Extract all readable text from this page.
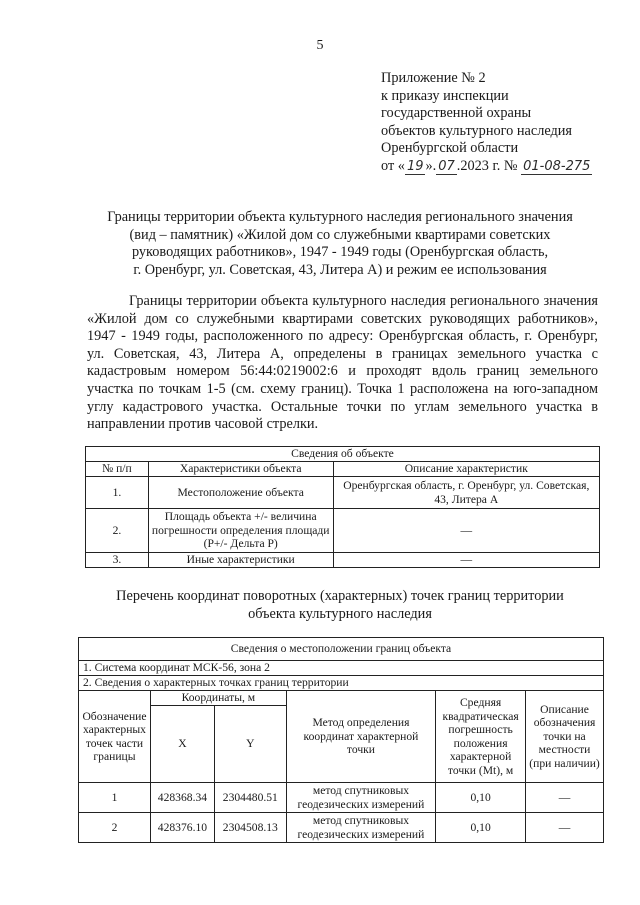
5
Приложение № 2
к приказу инспекции
государственной охраны
объектов культурного наследия
Оренбургской области
от « 19 ». 07 .2023 г. № 01-08-275
Границы территории объекта культурного наследия регионального значения
(вид – памятник) «Жилой дом со служебными квартирами советских
руководящих работников», 1947 - 1949 годы (Оренбургская область,
г. Оренбург, ул. Советская, 43, Литера А) и режим ее использования
Границы территории объекта культурного наследия регионального значения «Жилой дом со служебными квартирами советских руководящих работников», 1947 - 1949 годы, расположенного по адресу: Оренбургская область, г. Оренбург, ул. Советская, 43, Литера А, определены в границах земельного участка с кадастровым номером 56:44:0219002:6 и проходят вдоль границ земельного участка по точкам 1-5 (см. схему границ). Точка 1 расположена на юго-западном углу кадастрового участка. Остальные точки по углам земельного участка в направлении против часовой стрелки.
Сведения об объекте		
№ п/п	Характеристики объекта	Описание характеристик
1.	Местоположение объекта	Оренбургская область, г. Оренбург, ул. Советская, 43, Литера А
2.	Площадь объекта +/- величина погрешности определения площади (P+/- Дельта P)	—
3.	Иные характеристики	—
Перечень координат поворотных (характерных) точек границ территории
объекта культурного наследия
Сведения о местоположении границ объекта					
1. Система координат МСК-56, зона 2					
2. Сведения о характерных точках границ территории					
Обозначение характерных точек части границы	Координаты, м		Метод определения координат характерной точки	Средняя квадратическая погрешность положения характерной точки (Mt), м	Описание обозначения точки на местности (при наличии)
	X	Y			
1	428368.34	2304480.51	метод спутниковых геодезических измерений	0,10	—
2	428376.10	2304508.13	метод спутниковых геодезических измерений	0,10	—
